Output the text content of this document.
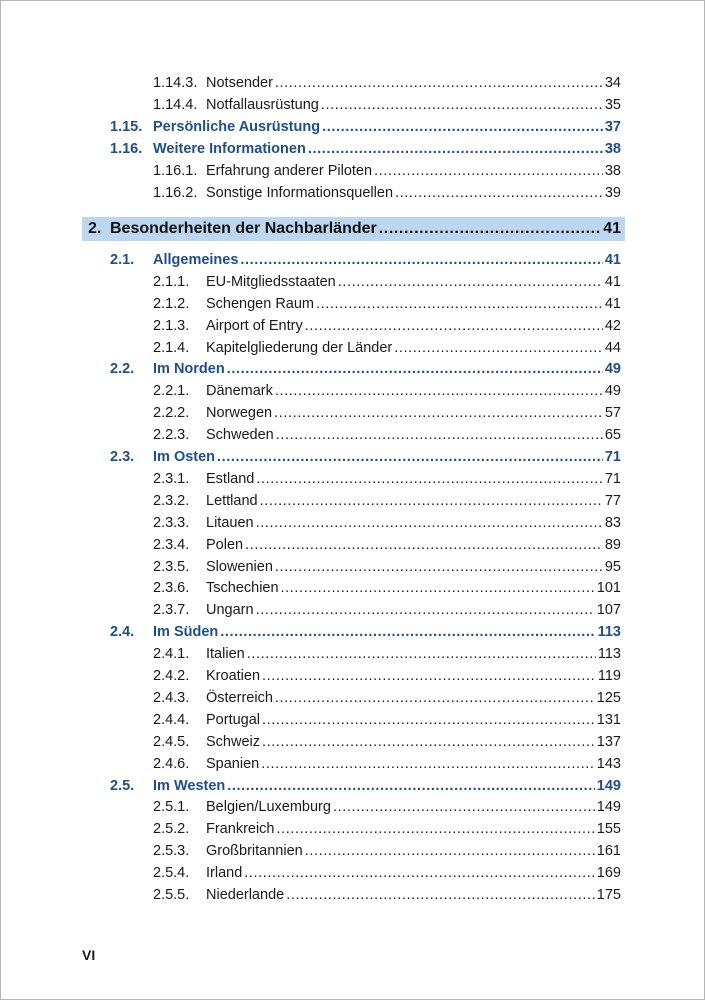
2. Besonderheiten der Nachbarländer .....	41
1.14.3. Notsender .....	34
1.14.4. Notfallausrüstung .....	35
1.15. Persönliche Ausrüstung .....	37
1.16. Weitere Informationen .....	38
1.16.1. Erfahrung anderer Piloten .....	38
1.16.2. Sonstige Informationsquellen .....	39
2.1. Allgemeines .....	41
2.1.1. EU-Mitgliedsstaaten .....	41
2.1.2. Schengen Raum .....	41
2.1.3. Airport of Entry .....	42
2.1.4. Kapitelgliederung der Länder .....	44
2.2. Im Norden .....	49
2.2.1. Dänemark .....	49
2.2.2. Norwegen .....	57
2.2.3. Schweden .....	65
2.3. Im Osten .....	71
2.3.1. Estland .....	71
2.3.2. Lettland .....	77
2.3.3. Litauen .....	83
2.3.4. Polen .....	89
2.3.5. Slowenien .....	95
2.3.6. Tschechien .....	101
2.3.7. Ungarn .....	107
2.4. Im Süden .....	113
2.4.1. Italien .....	113
2.4.2. Kroatien .....	119
2.4.3. Österreich .....	125
2.4.4. Portugal .....	131
2.4.5. Schweiz .....	137
2.4.6. Spanien .....	143
2.5. Im Westen .....	149
2.5.1. Belgien/Luxemburg .....	149
2.5.2. Frankreich .....	155
2.5.3. Großbritannien .....	161
2.5.4. Irland .....	169
2.5.5. Niederlande .....	175
VI
